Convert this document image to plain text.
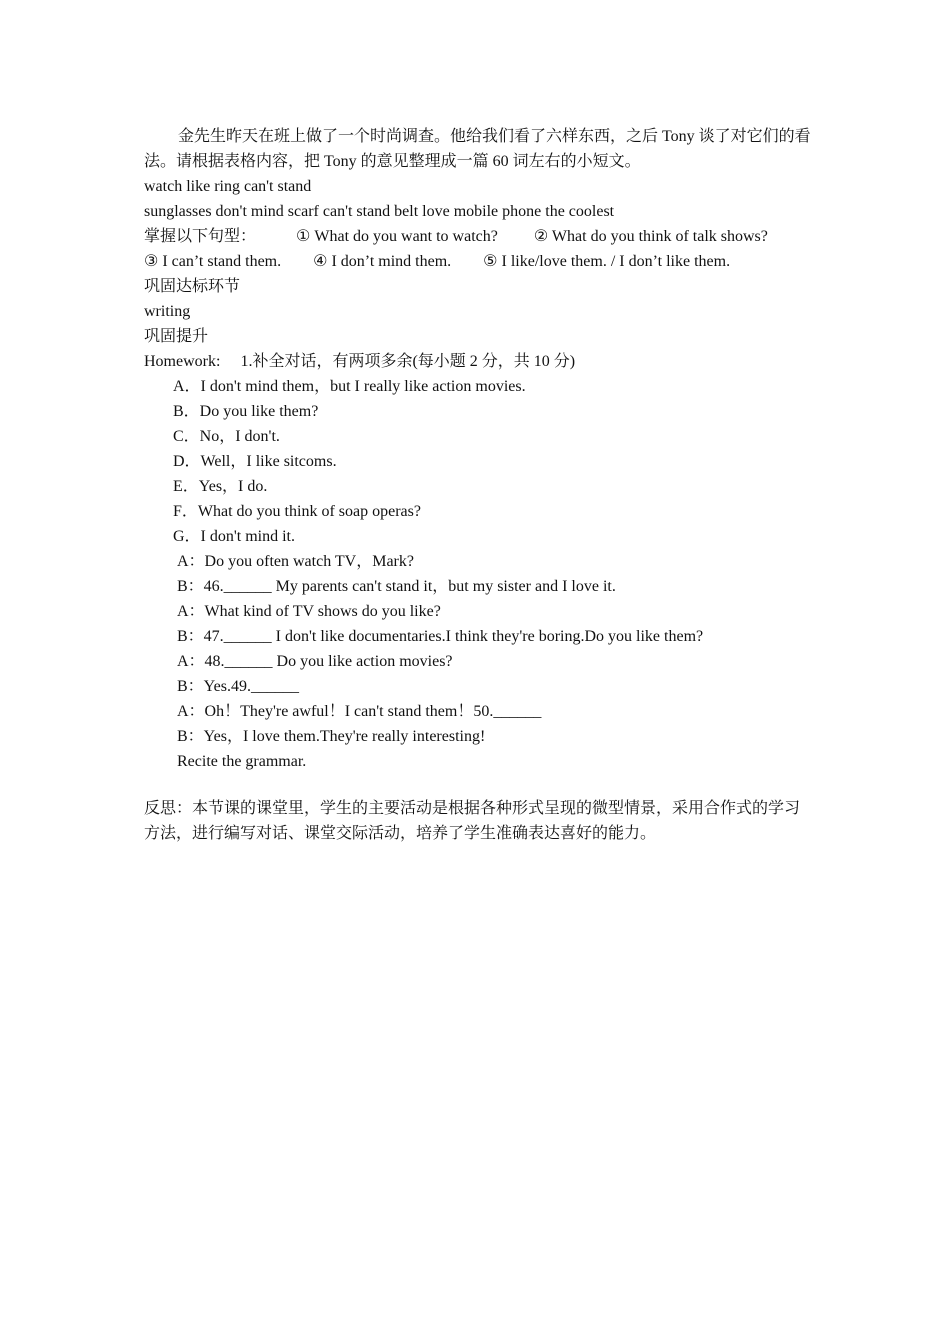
金先生昨天在班上做了一个时尚调查。他给我们看了六样东西，之后 Tony 谈了对它们的看法。请根据表格内容，把 Tony 的意见整理成一篇 60 词左右的小短文。
watch like ring can't stand
sunglasses don't mind scarf can't stand belt love mobile phone the coolest
掌握以下句型：	① What do you want to watch? ② What do you think of talk shows?
③ I can’t stand them. ④ I don’t mind them. ⑤ I like/love them. / I don’t like them.
巩固达标环节
writing
巩固提升
Homework: 1.补全对话，有两项多余(每小题 2 分，共 10 分)
A．I don't mind them，but I really like action movies.
B．Do you like them?
C．No，I don't.
D．Well，I like sitcoms.
E．Yes，I do.
F．What do you think of soap operas?
G．I don't mind it.
A：Do you often watch TV，Mark?
B：46.______ My parents can't stand it，but my sister and I love it.
A：What kind of TV shows do you like?
B：47.______ I don't like documentaries.I think they're boring.Do you like them?
A：48.______ Do you like action movies?
B：Yes.49.______
A：Oh！They're awful！I can't stand them！50.______
B：Yes，I love them.They're really interesting!
Recite the grammar.
反思：本节课的课堂里，学生的主要活动是根据各种形式呈现的微型情景，采用合作式的学习方法，进行编写对话、课堂交际活动，培养了学生准确表达喜好的能力。
